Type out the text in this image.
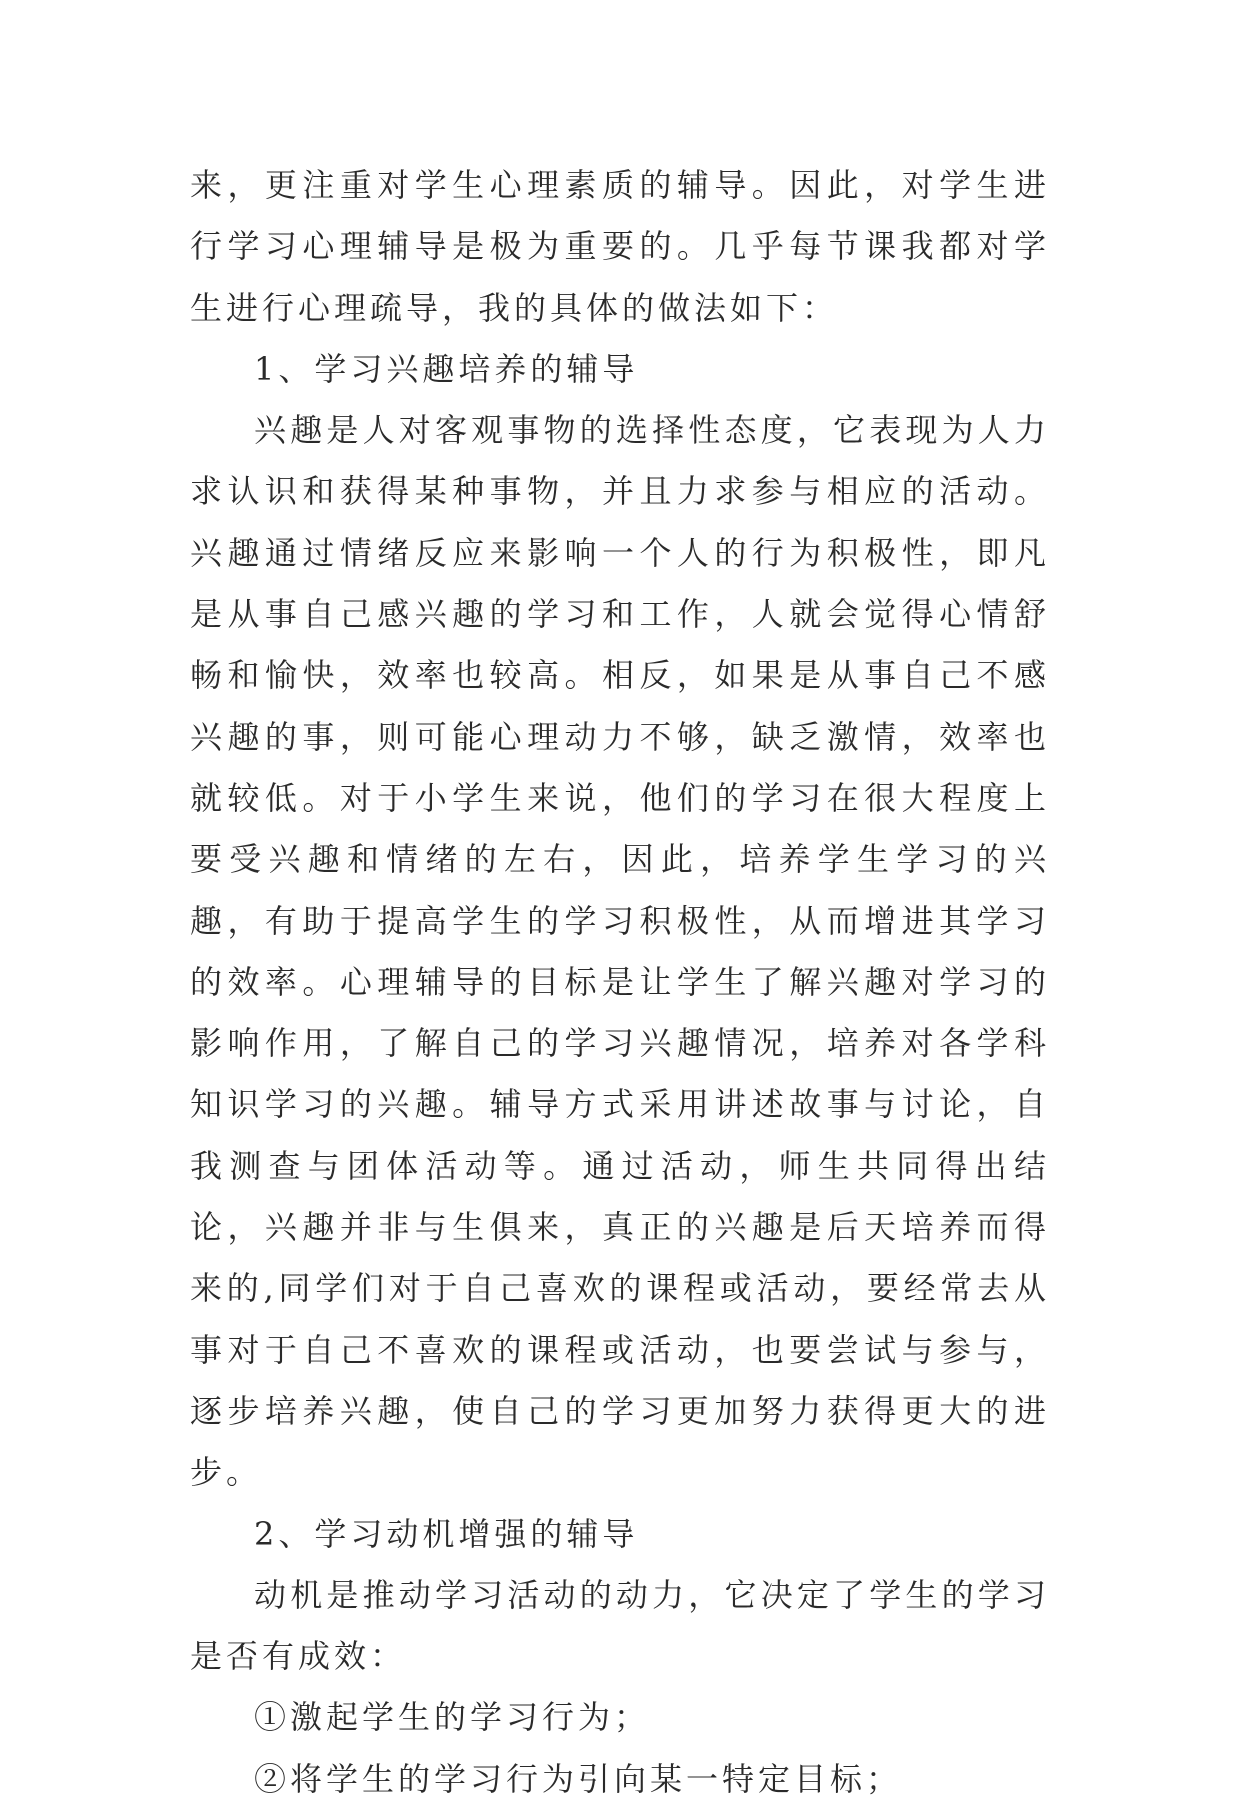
来，更注重对学生心理素质的辅导。因此，对学生进行学习心理辅导是极为重要的。几乎每节课我都对学生进行心理疏导，我的具体的做法如下：

1、学习兴趣培养的辅导

兴趣是人对客观事物的选择性态度，它表现为人力求认识和获得某种事物，并且力求参与相应的活动。兴趣通过情绪反应来影响一个人的行为积极性，即凡是从事自己感兴趣的学习和工作，人就会觉得心情舒畅和愉快，效率也较高。相反，如果是从事自己不感兴趣的事，则可能心理动力不够，缺乏激情，效率也就较低。对于小学生来说，他们的学习在很大程度上要受兴趣和情绪的左右，因此，培养学生学习的兴趣，有助于提高学生的学习积极性，从而增进其学习的效率。心理辅导的目标是让学生了解兴趣对学习的影响作用，了解自己的学习兴趣情况，培养对各学科知识学习的兴趣。辅导方式采用讲述故事与讨论，自我测查与团体活动等。通过活动，师生共同得出结论，兴趣并非与生俱来，真正的兴趣是后天培养而得来的,同学们对于自己喜欢的课程或活动，要经常去从事对于自己不喜欢的课程或活动，也要尝试与参与，逐步培养兴趣，使自己的学习更加努力获得更大的进步。

2、学习动机增强的辅导

动机是推动学习活动的动力，它决定了学生的学习是否有成效：

①激起学生的学习行为；

②将学生的学习行为引向某一特定目标；
